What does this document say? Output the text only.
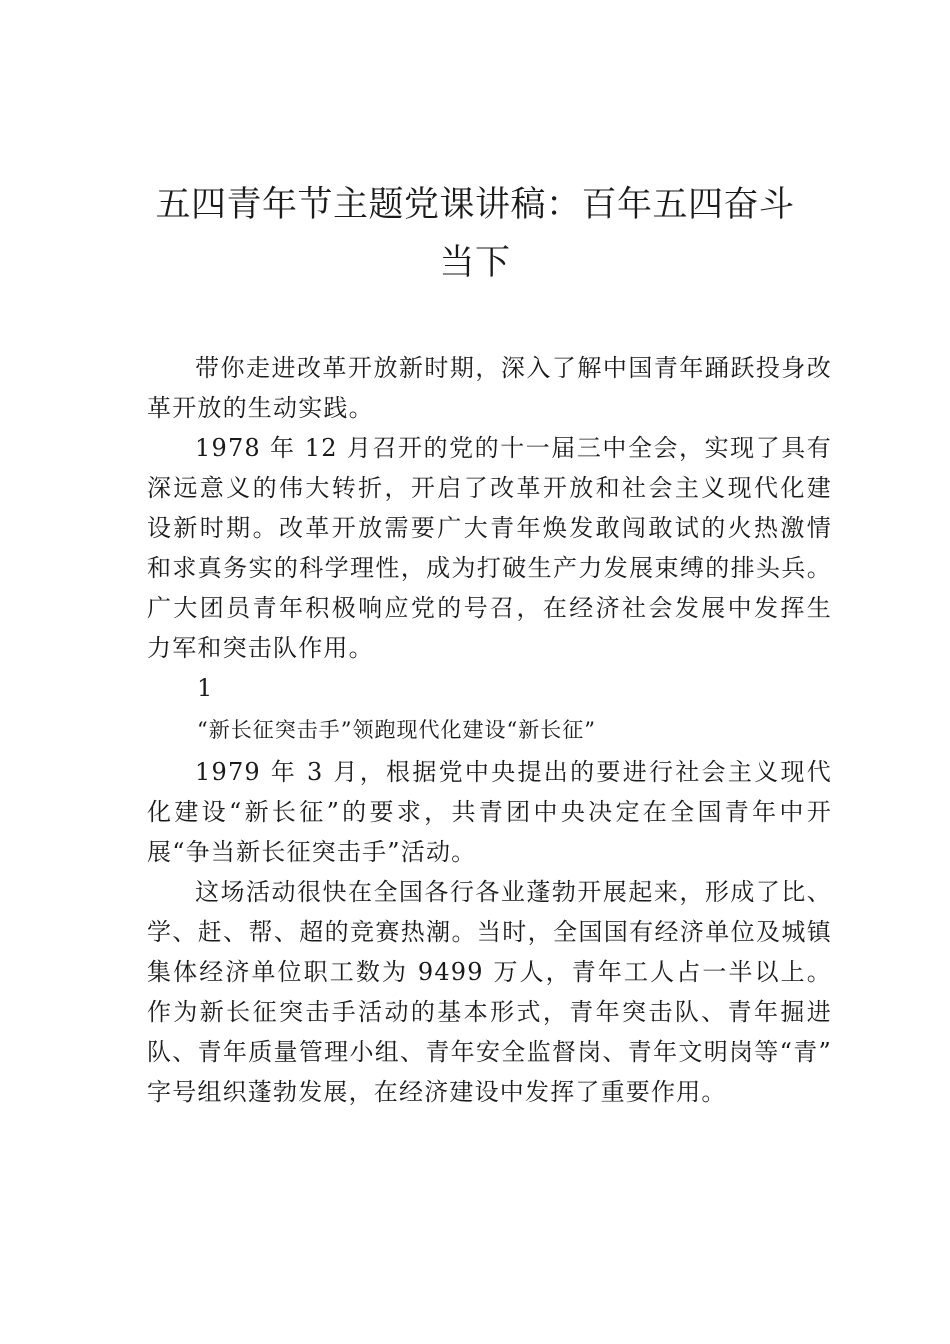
五四青年节主题党课讲稿：百年五四奋斗
当下

带你走进改革开放新时期，深入了解中国青年踊跃投身改革开放的生动实践。

1978 年 12 月召开的党的十一届三中全会，实现了具有深远意义的伟大转折，开启了改革开放和社会主义现代化建 设新时期。改革开放需要广大青年焕发敢闯敢试的火热激情 和求真务实的科学理性，成为打破生产力发展束缚的排头兵。广大团员青年积极响应党的号召，在经济社会发展中发挥生 力军和突击队作用。

1

“新长征突击手”领跑现代化建设“新长征”

1979 年 3 月，根据党中央提出的要进行社会主义现代化建设“新长征”的要求，共青团中央决定在全国青年中开展“争当新长征突击手”活动。

这场活动很快在全国各行各业蓬勃开展起来，形成了比、学、赶、帮、超的竞赛热潮。当时，全国国有经济单位及城镇集体经济单位职工数为 9499 万人，青年工人占一半以上。作为新长征突击手活动的基本形式，青年突击队、青年掘进 队、青年质量管理小组、青年安全监督岗、青年文明岗等“青” 字号组织蓬勃发展，在经济建设中发挥了重要作用。
